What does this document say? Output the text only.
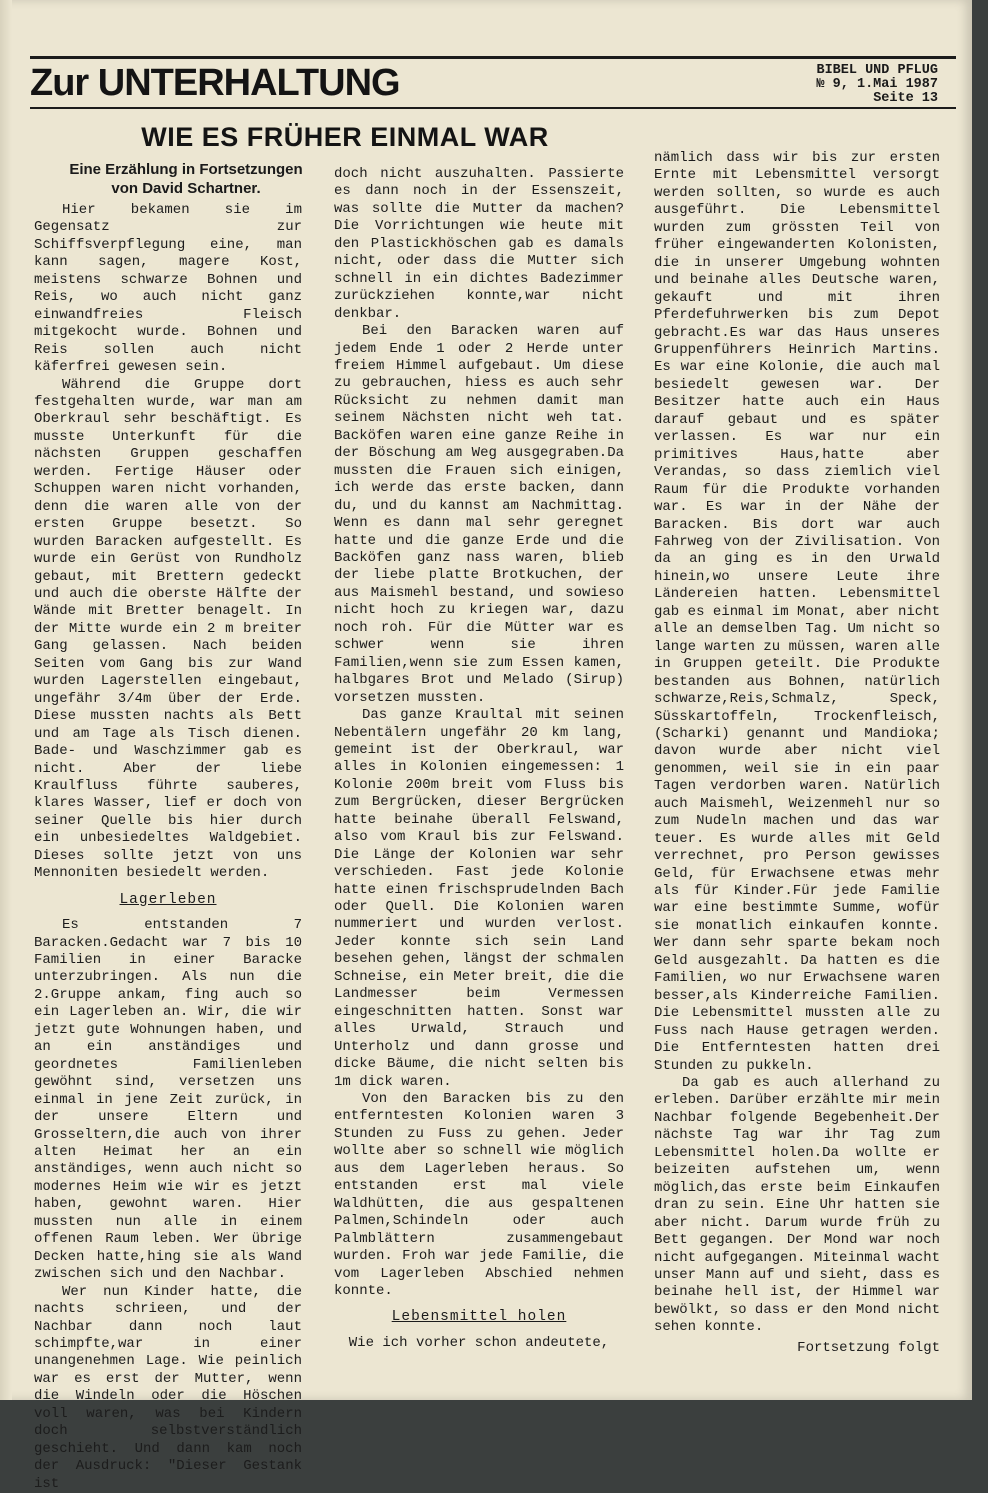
Zur UNTERHALTUNG	BIBEL UND PFLUG
№ 9, 1.Mai 1987
Seite 13
WIE ES FRÜHER EINMAL WAR
Eine Erzählung in Fortsetzungen
von David Schartner.

Hier bekamen sie im Gegensatz zur Schiffsverpflegung eine, man kann sagen, magere Kost, meistens schwarze Bohnen und Reis, wo auch nicht ganz einwandfreies Fleisch mitgekocht wurde. Bohnen und Reis sollen auch nicht käferfrei gewesen sein.

Während die Gruppe dort festgehalten wurde, war man am Oberkraul sehr beschäftigt. Es musste Unterkunft für die nächsten Gruppen geschaffen werden. Fertige Häuser oder Schuppen waren nicht vorhanden, denn die waren alle von der ersten Gruppe besetzt. So wurden Baracken aufgestellt. Es wurde ein Gerüst von Rundholz gebaut, mit Brettern gedeckt und auch die oberste Hälfte der Wände mit Bretter benagelt. In der Mitte wurde ein 2 m breiter Gang gelassen. Nach beiden Seiten vom Gang bis zur Wand wurden Lagerstellen eingebaut, ungefähr 3/4m über der Erde. Diese mussten nachts als Bett und am Tage als Tisch dienen. Bade- und Waschzimmer gab es nicht. Aber der liebe Kraulfluss führte sauberes, klares Wasser, lief er doch von seiner Quelle bis hier durch ein unbesiedeltes Waldgebiet. Dieses sollte jetzt von uns Mennoniten besiedelt werden.

Lagerleben

Es entstanden 7 Baracken.Gedacht war 7 bis 10 Familien in einer Baracke unterzubringen. Als nun die 2.Gruppe ankam, fing auch so ein Lagerleben an. Wir, die wir jetzt gute Wohnungen haben, und an ein anständiges und geordnetes Familienleben gewöhnt sind, versetzen uns einmal in jene Zeit zurück, in der unsere Eltern und Grosseltern,die auch von ihrer alten Heimat her an ein anständiges, wenn auch nicht so modernes Heim wie wir es jetzt haben, gewohnt waren. Hier mussten nun alle in einem offenen Raum leben. Wer übrige Decken hatte,hing sie als Wand zwischen sich und den Nachbar.

Wer nun Kinder hatte, die nachts schrieen, und der Nachbar dann noch laut schimpfte,war in einer unangenehmen Lage. Wie peinlich war es erst der Mutter, wenn die Windeln oder die Höschen voll waren, was bei Kindern doch selbstverständlich geschieht. Und dann kam noch der Ausdruck: "Dieser Gestank ist

doch nicht auszuhalten. Passierte es dann noch in der Essenszeit, was sollte die Mutter da machen? Die Vorrichtungen wie heute mit den Plastickhöschen gab es damals nicht, oder dass die Mutter sich schnell in ein dichtes Badezimmer zurückziehen konnte,war nicht denkbar.

Bei den Baracken waren auf jedem Ende 1 oder 2 Herde unter freiem Himmel aufgebaut. Um diese zu gebrauchen, hiess es auch sehr Rücksicht zu nehmen damit man seinem Nächsten nicht weh tat. Backöfen waren eine ganze Reihe in der Böschung am Weg ausgegraben.Da mussten die Frauen sich einigen, ich werde das erste backen, dann du, und du kannst am Nachmittag. Wenn es dann mal sehr geregnet hatte und die ganze Erde und die Backöfen ganz nass waren, blieb der liebe platte Brotkuchen, der aus Maismehl bestand, und sowieso nicht hoch zu kriegen war, dazu noch roh. Für die Mütter war es schwer wenn sie ihren Familien,wenn sie zum Essen kamen, halbgares Brot und Melado (Sirup) vorsetzen mussten.

Das ganze Kraultal mit seinen Nebentälern ungefähr 20 km lang, gemeint ist der Oberkraul, war alles in Kolonien eingemessen: 1 Kolonie 200m breit vom Fluss bis zum Bergrücken, dieser Bergrücken hatte beinahe überall Felswand, also vom Kraul bis zur Felswand. Die Länge der Kolonien war sehr verschieden. Fast jede Kolonie hatte einen frischsprudelnden Bach oder Quell. Die Kolonien waren nummeriert und wurden verlost. Jeder konnte sich sein Land besehen gehen, längst der schmalen Schneise, ein Meter breit, die die Landmesser beim Vermessen eingeschnitten hatten. Sonst war alles Urwald, Strauch und Unterholz und dann grosse und dicke Bäume, die nicht selten bis 1m dick waren.

Von den Baracken bis zu den entferntesten Kolonien waren 3 Stunden zu Fuss zu gehen. Jeder wollte aber so schnell wie möglich aus dem Lagerleben heraus. So entstanden erst mal viele Waldhütten, die aus gespaltenen Palmen,Schindeln oder auch Palmblättern zusammengebaut wurden. Froh war jede Familie, die vom Lagerleben Abschied nehmen konnte.

Lebensmittel holen

Wie ich vorher schon andeutete,

nämlich dass wir bis zur ersten Ernte mit Lebensmittel versorgt werden sollten, so wurde es auch ausgeführt. Die Lebensmittel wurden zum grössten Teil von früher eingewanderten Kolonisten, die in unserer Umgebung wohnten und beinahe alles Deutsche waren, gekauft und mit ihren Pferdefuhrwerken bis zum Depot gebracht.Es war das Haus unseres Gruppenführers Heinrich Martins. Es war eine Kolonie, die auch mal besiedelt gewesen war. Der Besitzer hatte auch ein Haus darauf gebaut und es später verlassen. Es war nur ein primitives Haus,hatte aber Verandas, so dass ziemlich viel Raum für die Produkte vorhanden war. Es war in der Nähe der Baracken. Bis dort war auch Fahrweg von der Zivilisation. Von da an ging es in den Urwald hinein,wo unsere Leute ihre Ländereien hatten. Lebensmittel gab es einmal im Monat, aber nicht alle an demselben Tag. Um nicht so lange warten zu müssen, waren alle in Gruppen geteilt. Die Produkte bestanden aus Bohnen, natürlich schwarze,Reis,Schmalz, Speck, Süsskartoffeln, Trockenfleisch, (Scharki) genannt und Mandioka; davon wurde aber nicht viel genommen, weil sie in ein paar Tagen verdorben waren. Natürlich auch Maismehl, Weizenmehl nur so zum Nudeln machen und das war teuer. Es wurde alles mit Geld verrechnet, pro Person gewisses Geld, für Erwachsene etwas mehr als für Kinder.Für jede Familie war eine bestimmte Summe, wofür sie monatlich einkaufen konnte. Wer dann sehr sparte bekam noch Geld ausgezahlt. Da hatten es die Familien, wo nur Erwachsene waren besser,als Kinderreiche Familien. Die Lebensmittel mussten alle zu Fuss nach Hause getragen werden. Die Entferntesten hatten drei Stunden zu pukkeln.

Da gab es auch allerhand zu erleben. Darüber erzählte mir mein Nachbar folgende Begebenheit.Der nächste Tag war ihr Tag zum Lebensmittel holen.Da wollte er beizeiten aufstehen um, wenn möglich,das erste beim Einkaufen dran zu sein. Eine Uhr hatten sie aber nicht. Darum wurde früh zu Bett gegangen. Der Mond war noch nicht aufgegangen. Miteinmal wacht unser Mann auf und sieht, dass es beinahe hell ist, der Himmel war bewölkt, so dass er den Mond nicht sehen konnte.

Fortsetzung folgt
